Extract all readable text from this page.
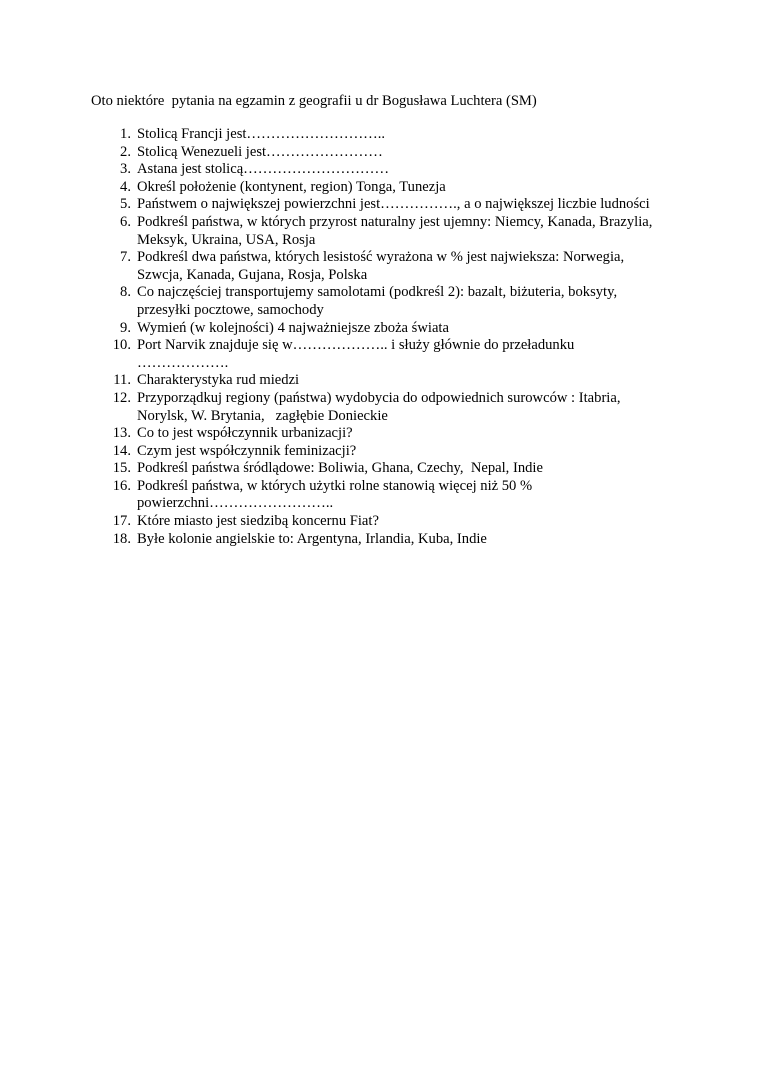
Oto niektóre  pytania na egzamin z geografii u dr Bogusława Luchtera (SM)
1. Stolicą Francji jest………………………..
2. Stolicą Wenezueli jest……………………
3. Astana jest stolicą…………………………
4. Określ położenie (kontynent, region) Tonga, Tunezja
5. Państwem o największej powierzchni jest……………., a o największej liczbie ludności
6. Podkreśl państwa, w których przyrost naturalny jest ujemny: Niemcy, Kanada, Brazylia, Meksyk, Ukraina, USA, Rosja
7. Podkreśl dwa państwa, których lesistość wyrażona w % jest najwieksza: Norwegia, Szwcja, Kanada, Gujana, Rosja, Polska
8. Co najczęściej transportujemy samolotami (podkreśl 2): bazalt, biżuteria, boksyty, przesyłki pocztowe, samochody
9. Wymień (w kolejności) 4 najważniejsze zboża świata
10. Port Narvik znajduje się w……………….. i służy głównie do przeładunku ……………….
11. Charakterystyka rud miedzi
12. Przyporządkuj regiony (państwa) wydobycia do odpowiednich surowców : Itabria, Norylsk, W. Brytania,   zagłębie Donieckie
13. Co to jest współczynnik urbanizacji?
14. Czym jest współczynnik feminizacji?
15. Podkreśl państwa śródlądowe: Boliwia, Ghana, Czechy,  Nepal, Indie
16. Podkreśl państwa, w których użytki rolne stanowią więcej niż 50 % powierzchni……………………..
17. Które miasto jest siedzibą koncernu Fiat?
18. Byłe kolonie angielskie to: Argentyna, Irlandia, Kuba, Indie
